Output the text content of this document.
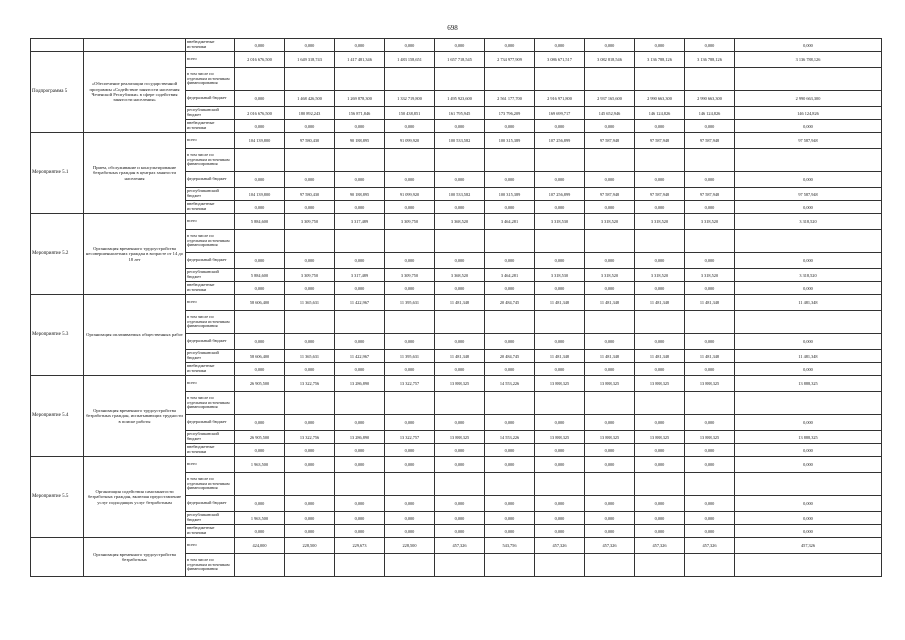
698
		внебюджетные источники	0,000	0,000	0,000	0,000	0,000	0,000	0,000	0,000	0,000	0,000	0,000
Подпрограмма 5	«Обеспечение реализации государственной программы «Содействие занятости населения Чеченской Республики» в сфере содействия занятости населения»	всего	2 016 676,500	1 649 318,743	1 417 481,346	1 483 158,651	1 657 718,545	2 734 977,909	3 086 671,517	3 082 818,546	3 136 788,126	3 136 788,126	3 136 788,126
		в том числе по отдельным источникам финансирования											
		федеральный бюджет	0,000	1 468 426,500	1 269 878,300	1 332 719,800	1 495 923,600	2 561 177,700	2 916 971,800	2 937 165,600	2 990 663,300	2 990 663,300	2 990 663,300
		республиканский бюджет	2 016 676,500	180 892,243	156 871,846	150 438,851	161 795,945	173 796,209	169 699,717	145 652,946	146 124,826	146 124,826	146 124,826
		внебюджетные источники	0,000	0,000	0,000	0,000	0,000	0,000	0,000	0,000	0,000	0,000	0,000
Мероприятие 5.1	Прием, обслуживание и консультирование безработных граждан в центрах занятости населения	всего	104 139,800	97 580,430	90 188,895	91 099,920	100 533,582	100 315,389	107 256,899	97 587,948	97 587,948	97 587,948	97 587,948
		в том числе по отдельным источникам финансирования											
		федеральный бюджет	0,000	0,000	0,000	0,000	0,000	0,000	0,000	0,000	0,000	0,000	0,000
		республиканский бюджет	104 139,800	97 580,430	90 188,895	91 099,920	100 533,582	100 315,389	107 256,899	97 587,948	97 587,948	97 587,948	97 587,948
		внебюджетные источники	0,000	0,000	0,000	0,000	0,000	0,000	0,000	0,000	0,000	0,000	0,000
Мероприятие 5.2	Организация временного трудоустройства несовершеннолетних граждан в возрасте от 14 до 18 лет	всего	5 884,600	3 309,750	3 317,489	3 309,750	3 368,520	3 464,281	3 318,530	3 318,520	3 318,520	3 318,520	3 318,520
		в том числе по отдельным источникам финансирования											
		федеральный бюджет	0,000	0,000	0,000	0,000	0,000	0,000	0,000	0,000	0,000	0,000	0,000
		республиканский бюджет	5 884,600	3 309,750	3 317,489	3 309,750	3 368,520	3 464,281	3 318,530	3 318,520	3 318,520	3 318,520	3 318,520
		внебюджетные источники	0,000	0,000	0,000	0,000	0,000	0,000	0,000	0,000	0,000	0,000	0,000
Мероприятие 5.3	Организация оплачиваемых общественных работ	всего	58 606,400	11 365,631	11 422,967	11 395,631	11 481,348	20 484,745	11 481,348	11 481,348	11 481,348	11 481,348	11 481,348
		в том числе по отдельным источникам финансирования											
		федеральный бюджет	0,000	0,000	0,000	0,000	0,000	0,000	0,000	0,000	0,000	0,000	0,000
		республиканский бюджет	58 606,400	11 365,631	11 422,967	11 395,631	11 481,348	20 484,745	11 481,348	11 481,348	11 481,348	11 481,348	11 481,348
		внебюджетные источники	0,000	0,000	0,000	0,000	0,000	0,000	0,000	0,000	0,000	0,000	0,000
Мероприятие 5.4	Организация временного трудоустройства безработных граждан, испытывающих трудности в поиске работы	всего	26 905,500	13 322,756	13 286,890	13 322,757	13 888,325	14 553,226	13 888,325	13 888,325	13 888,325	13 888,325	13 888,325
		в том числе по отдельным источникам финансирования											
		федеральный бюджет	0,000	0,000	0,000	0,000	0,000	0,000	0,000	0,000	0,000	0,000	0,000
		республиканский бюджет	26 905,500	13 322,756	13 286,890	13 322,757	13 888,325	14 553,226	13 888,325	13 888,325	13 888,325	13 888,325	13 888,325
		внебюджетные источники	0,000	0,000	0,000	0,000	0,000	0,000	0,000	0,000	0,000	0,000	0,000
Мероприятие 5.5	Организация содействия самозанятости безработных граждан, включая предоставление услуг подходящих услуг безработным	всего	1 963,500	0,000	0,000	0,000	0,000	0,000	0,000	0,000	0,000	0,000	0,000
		в том числе по отдельным источникам финансирования											
		федеральный бюджет	0,000	0,000	0,000	0,000	0,000	0,000	0,000	0,000	0,000	0,000	0,000
		республиканский бюджет	1 963,500	0,000	0,000	0,000	0,000	0,000	0,000	0,000	0,000	0,000	0,000
		внебюджетные источники	0,000	0,000	0,000	0,000	0,000	0,000	0,000	0,000	0,000	0,000	0,000
	Организация временного трудоустройства безработных	всего	424,000	228,500	229,673	228,500	457,326	543,756	457,326	457,326	457,326	457,326	457,326
		в том числе по отдельным источникам финансирования											
